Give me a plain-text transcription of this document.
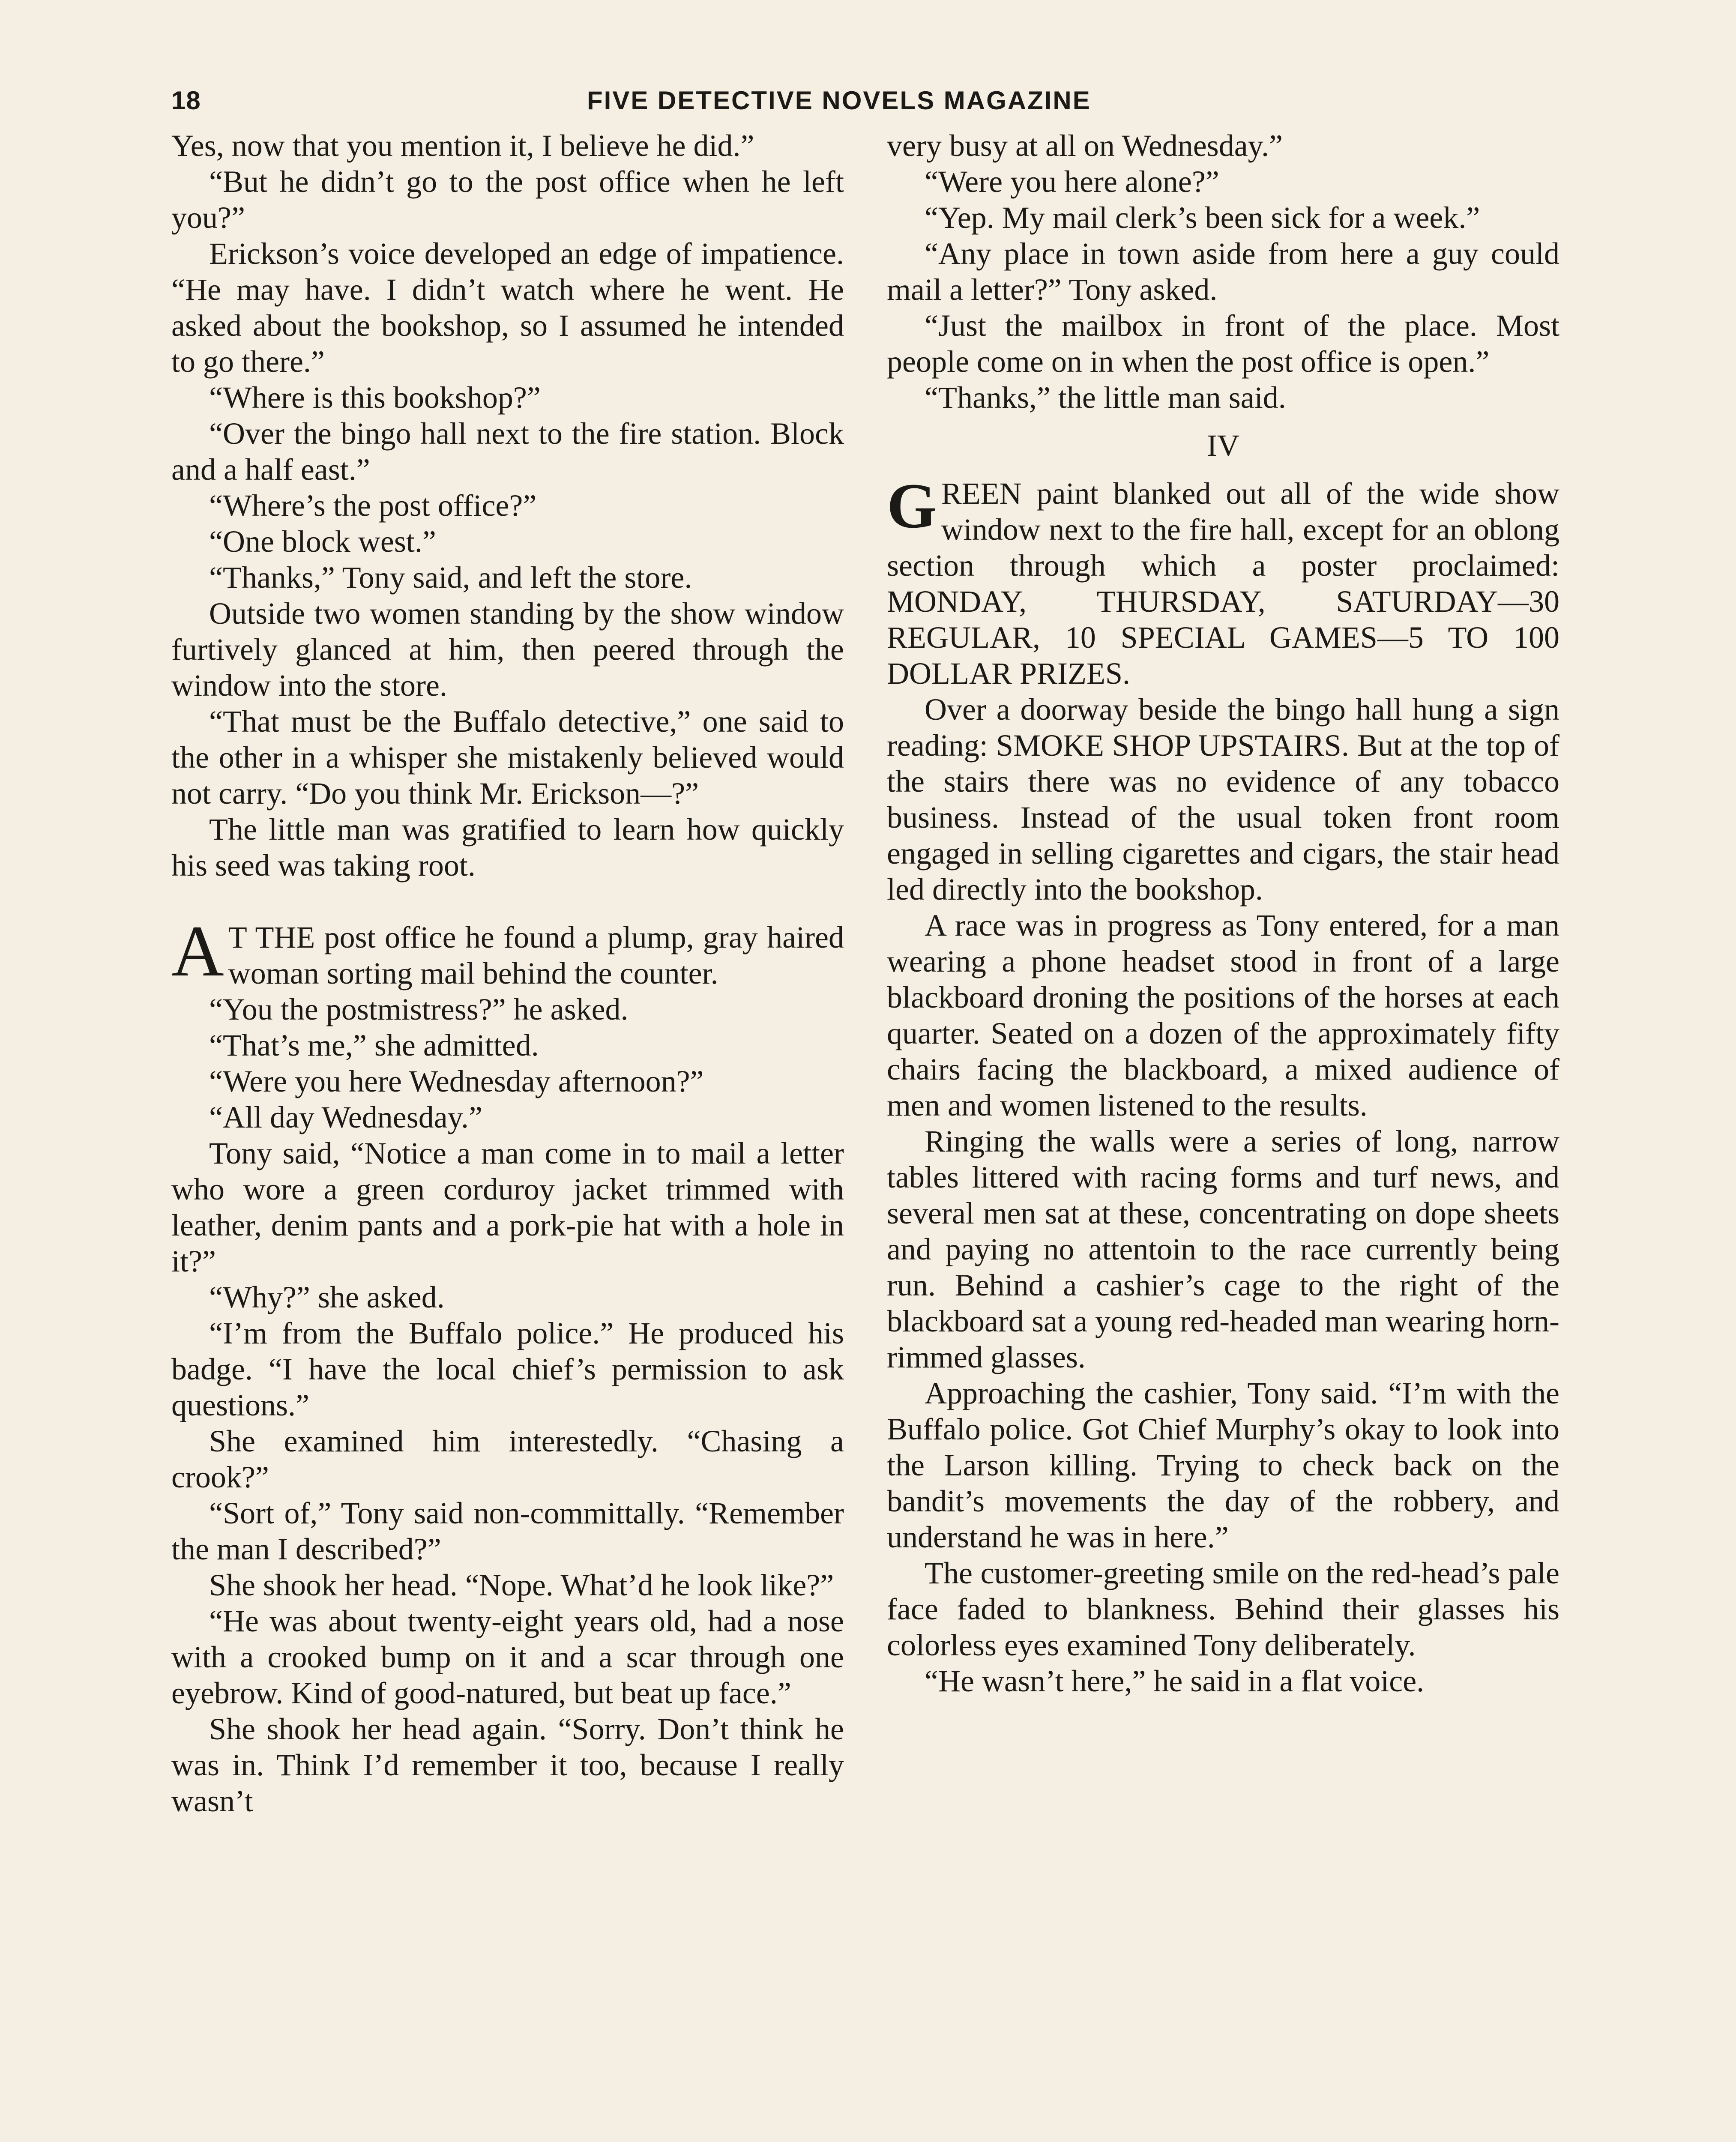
18	FIVE DETECTIVE NOVELS MAGAZINE

Yes, now that you mention it, I believe he did.”

“But he didn’t go to the post office when he left you?”

Erickson’s voice developed an edge of impatience. “He may have. I didn’t watch where he went. He asked about the bookshop, so I assumed he intended to go there.”

“Where is this bookshop?”

“Over the bingo hall next to the fire station. Block and a half east.”

“Where’s the post office?”

“One block west.”

“Thanks,” Tony said, and left the store.

Outside two women standing by the show window furtively glanced at him, then peered through the window into the store.

“That must be the Buffalo detective,” one said to the other in a whisper she mistakenly believed would not carry. “Do you think Mr. Erickson—?”

The little man was gratified to learn how quickly his seed was taking root.

A T THE post office he found a plump, gray haired woman sorting mail behind the counter.

“You the postmistress?” he asked.

“That’s me,” she admitted.

“Were you here Wednesday afternoon?”

“All day Wednesday.”

Tony said, “Notice a man come in to mail a letter who wore a green corduroy jacket trimmed with leather, denim pants and a pork-pie hat with a hole in it?”

“Why?” she asked.

“I’m from the Buffalo police.” He produced his badge. “I have the local chief’s permission to ask questions.”

She examined him interestedly. “Chasing a crook?”

“Sort of,” Tony said non-committally. “Remember the man I described?”

She shook her head. “Nope. What’d he look like?”

“He was about twenty-eight years old, had a nose with a crooked bump on it and a scar through one eyebrow. Kind of good-natured, but beat up face.”

She shook her head again. “Sorry. Don’t think he was in. Think I’d remember it too, because I really wasn’t

very busy at all on Wednesday.”

“Were you here alone?”

“Yep. My mail clerk’s been sick for a week.”

“Any place in town aside from here a guy could mail a letter?” Tony asked.

“Just the mailbox in front of the place. Most people come on in when the post office is open.”

“Thanks,” the little man said.

IV

GREEN paint blanked out all of the wide show window next to the fire hall, except for an oblong section through which a poster proclaimed: MONDAY, THURSDAY, SATURDAY—30 REGULAR, 10 SPECIAL GAMES—5 TO 100 DOLLAR PRIZES.

Over a doorway beside the bingo hall hung a sign reading: SMOKE SHOP UPSTAIRS. But at the top of the stairs there was no evidence of any tobacco business. Instead of the usual token front room engaged in selling cigarettes and cigars, the stair head led directly into the bookshop.

A race was in progress as Tony entered, for a man wearing a phone headset stood in front of a large blackboard droning the positions of the horses at each quarter. Seated on a dozen of the approximately fifty chairs facing the blackboard, a mixed audience of men and women listened to the results.

Ringing the walls were a series of long, narrow tables littered with racing forms and turf news, and several men sat at these, concentrating on dope sheets and paying no attentoin to the race currently being run. Behind a cashier’s cage to the right of the blackboard sat a young red-headed man wearing horn-rimmed glasses.

Approaching the cashier, Tony said. “I’m with the Buffalo police. Got Chief Murphy’s okay to look into the Larson killing. Trying to check back on the bandit’s movements the day of the robbery, and understand he was in here.”

The customer-greeting smile on the red-head’s pale face faded to blankness. Behind their glasses his colorless eyes examined Tony deliberately.

“He wasn’t here,” he said in a flat voice.
